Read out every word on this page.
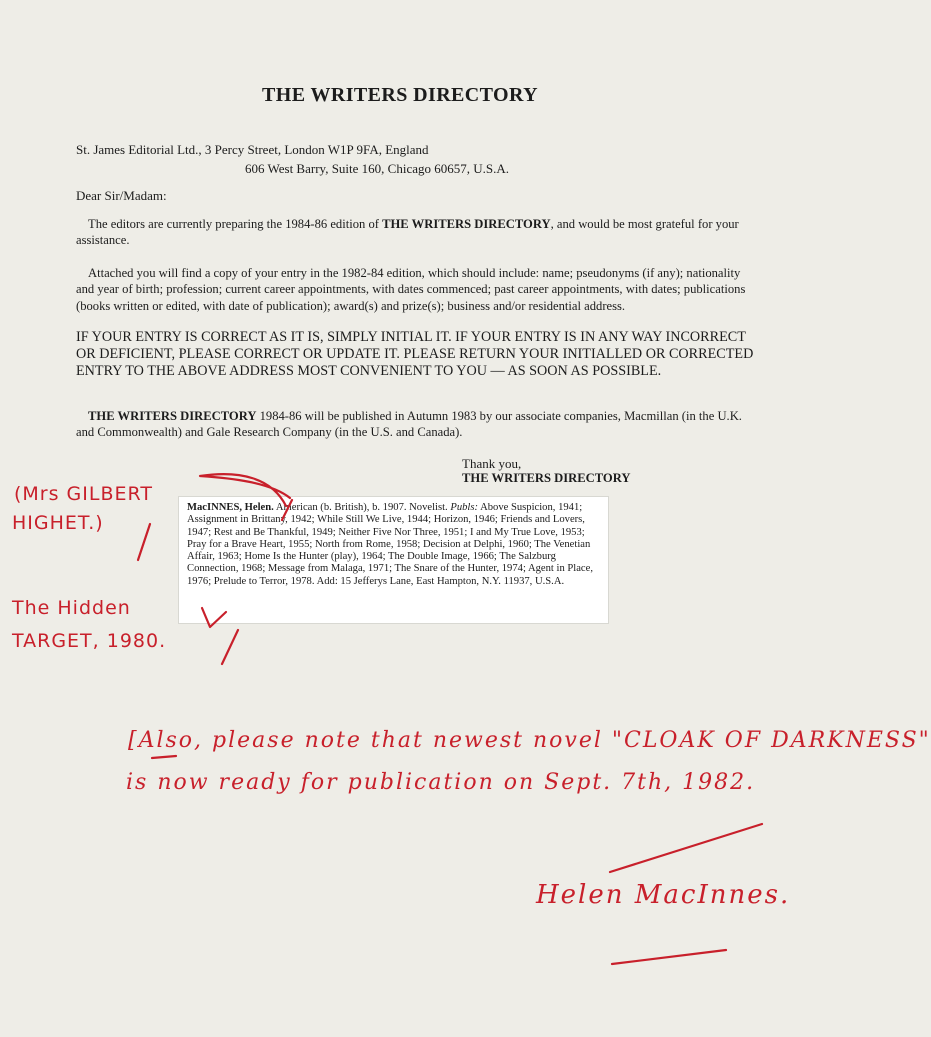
THE WRITERS DIRECTORY
St. James Editorial Ltd., 3 Percy Street, London W1P 9FA, England
606 West Barry, Suite 160, Chicago 60657, U.S.A.
Dear Sir/Madam:
The editors are currently preparing the 1984-86 edition of THE WRITERS DIRECTORY, and would be most grateful for your assistance.
Attached you will find a copy of your entry in the 1982-84 edition, which should include: name; pseudonyms (if any); nationality and year of birth; profession; current career appointments, with dates commenced; past career appointments, with dates; publications (books written or edited, with date of publication); award(s) and prize(s); business and/or residential address.
IF YOUR ENTRY IS CORRECT AS IT IS, SIMPLY INITIAL IT. IF YOUR ENTRY IS IN ANY WAY INCORRECT OR DEFICIENT, PLEASE CORRECT OR UPDATE IT. PLEASE RETURN YOUR INITIALLED OR CORRECTED ENTRY TO THE ABOVE ADDRESS MOST CONVENIENT TO YOU — AS SOON AS POSSIBLE.
THE WRITERS DIRECTORY 1984-86 will be published in Autumn 1983 by our associate companies, Macmillan (in the U.K. and Commonwealth) and Gale Research Company (in the U.S. and Canada).
Thank you,
THE WRITERS DIRECTORY
MacINNES, Helen. American (b. British), b. 1907. Novelist. Publs: Above Suspicion, 1941; Assignment in Brittany, 1942; While Still We Live, 1944; Horizon, 1946; Friends and Lovers, 1947; Rest and Be Thankful, 1949; Neither Five Nor Three, 1951; I and My True Love, 1953; Pray for a Brave Heart, 1955; North from Rome, 1958; Decision at Delphi, 1960; The Venetian Affair, 1963; Home Is the Hunter (play), 1964; The Double Image, 1966; The Salzburg Connection, 1968; Message from Malaga, 1971; The Snare of the Hunter, 1974; Agent in Place, 1976; Prelude to Terror, 1978. Add: 15 Jefferys Lane, East Hampton, N.Y. 11937, U.S.A.
(Mrs GILBERT
HIGHET.)
The Hidden
TARGET, 1980.
[Also, please note that newest novel "CLOAK OF DARKNESS"
is now ready for publication on Sept. 7th, 1982.
Helen MacInnes.
